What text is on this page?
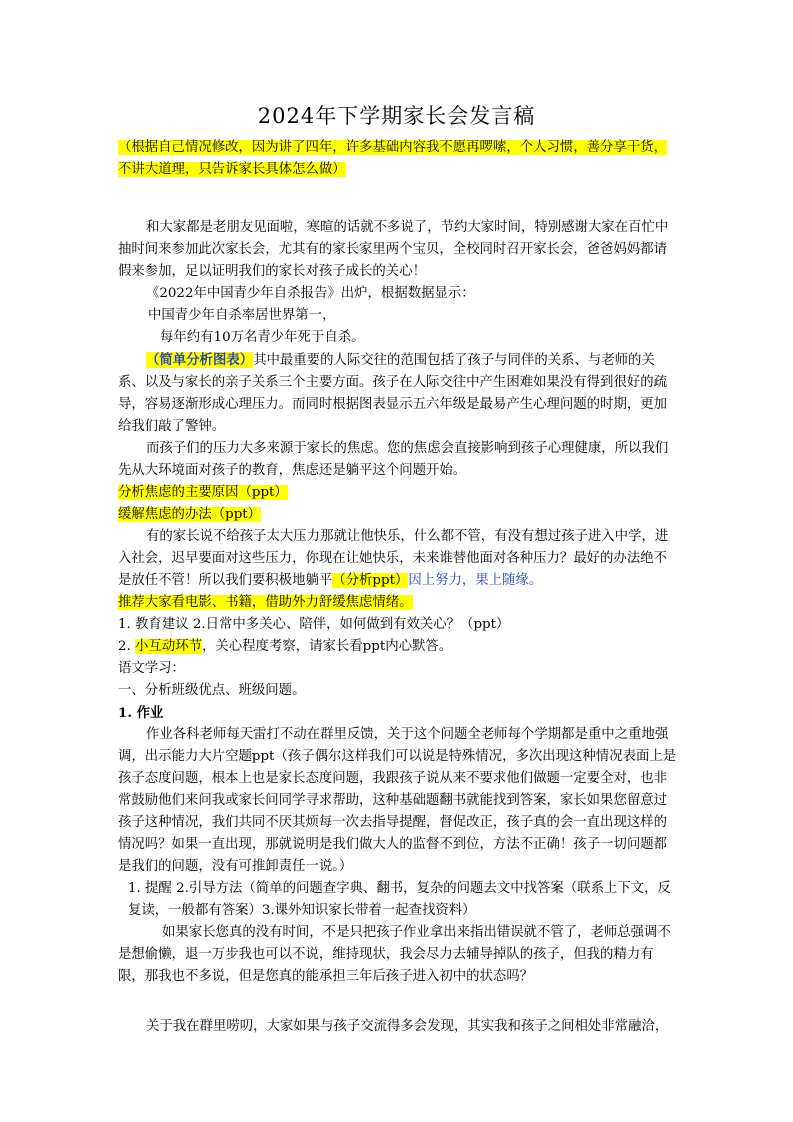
2024年下学期家长会发言稿
（根据自己情况修改，因为讲了四年，许多基础内容我不愿再啰嗦，个人习惯，善分享干货，不讲大道理，只告诉家长具体怎么做）

和大家都是老朋友见面啦，寒暄的话就不多说了，节约大家时间，特别感谢大家在百忙中抽时间来参加此次家长会，尤其有的家长家里两个宝贝，全校同时召开家长会，爸爸妈妈都请假来参加，足以证明我们的家长对孩子成长的关心！

《2022年中国青少年自杀报告》出炉，根据数据显示：

中国青少年自杀率居世界第一，

每年约有10万名青少年死于自杀。

（简单分析图表）其中最重要的人际交往的范围包括了孩子与同伴的关系、与老师的关系、以及与家长的亲子关系三个主要方面。孩子在人际交往中产生困难如果没有得到很好的疏导，容易逐渐形成心理压力。而同时根据图表显示五六年级是最易产生心理问题的时期，更加给我们敲了警钟。

而孩子们的压力大多来源于家长的焦虑。您的焦虑会直接影响到孩子心理健康，所以我们先从大环境面对孩子的教育，焦虑还是躺平这个问题开始。

分析焦虑的主要原因（ppt）

缓解焦虑的办法（ppt）

有的家长说不给孩子太大压力那就让他快乐，什么都不管，有没有想过孩子进入中学，进入社会，迟早要面对这些压力，你现在让她快乐，未来谁替他面对各种压力？最好的办法绝不是放任不管！所以我们要积极地躺平（分析ppt）因上努力，果上随缘。

推荐大家看电影、书籍，借助外力舒缓焦虑情绪。

1. 教育建议 2.日常中多关心、陪伴，如何做到有效关心？（ppt）

2. 小互动环节，关心程度考察，请家长看ppt内心默答。

语文学习：

一、分析班级优点、班级问题。

1. 作业

作业各科老师每天雷打不动在群里反馈，关于这个问题全老师每个学期都是重中之重地强调，出示能力大片空题ppt（孩子偶尔这样我们可以说是特殊情况，多次出现这种情况表面上是孩子态度问题，根本上也是家长态度问题，我跟孩子说从来不要求他们做题一定要全对，也非常鼓励他们来问我或家长问同学寻求帮助，这种基础题翻书就能找到答案，家长如果您留意过孩子这种情况，我们共同不厌其烦每一次去指导提醒，督促改正，孩子真的会一直出现这样的情况吗？如果一直出现，那就说明是我们做大人的监督不到位，方法不正确！孩子一切问题都是我们的问题，没有可推卸责任一说。）

1. 提醒 2.引导方法（简单的问题查字典、翻书，复杂的问题去文中找答案（联系上下文，反复读，一般都有答案）3.课外知识家长带着一起查找资料）

如果家长您真的没有时间，不是只把孩子作业拿出来指出错误就不管了，老师总强调不是想偷懒，退一万步我也可以不说，维持现状，我会尽力去辅导掉队的孩子，但我的精力有限，那我也不多说，但是您真的能承担三年后孩子进入初中的状态吗？

关于我在群里唠叨，大家如果与孩子交流得多会发现，其实我和孩子之间相处非常融洽，
